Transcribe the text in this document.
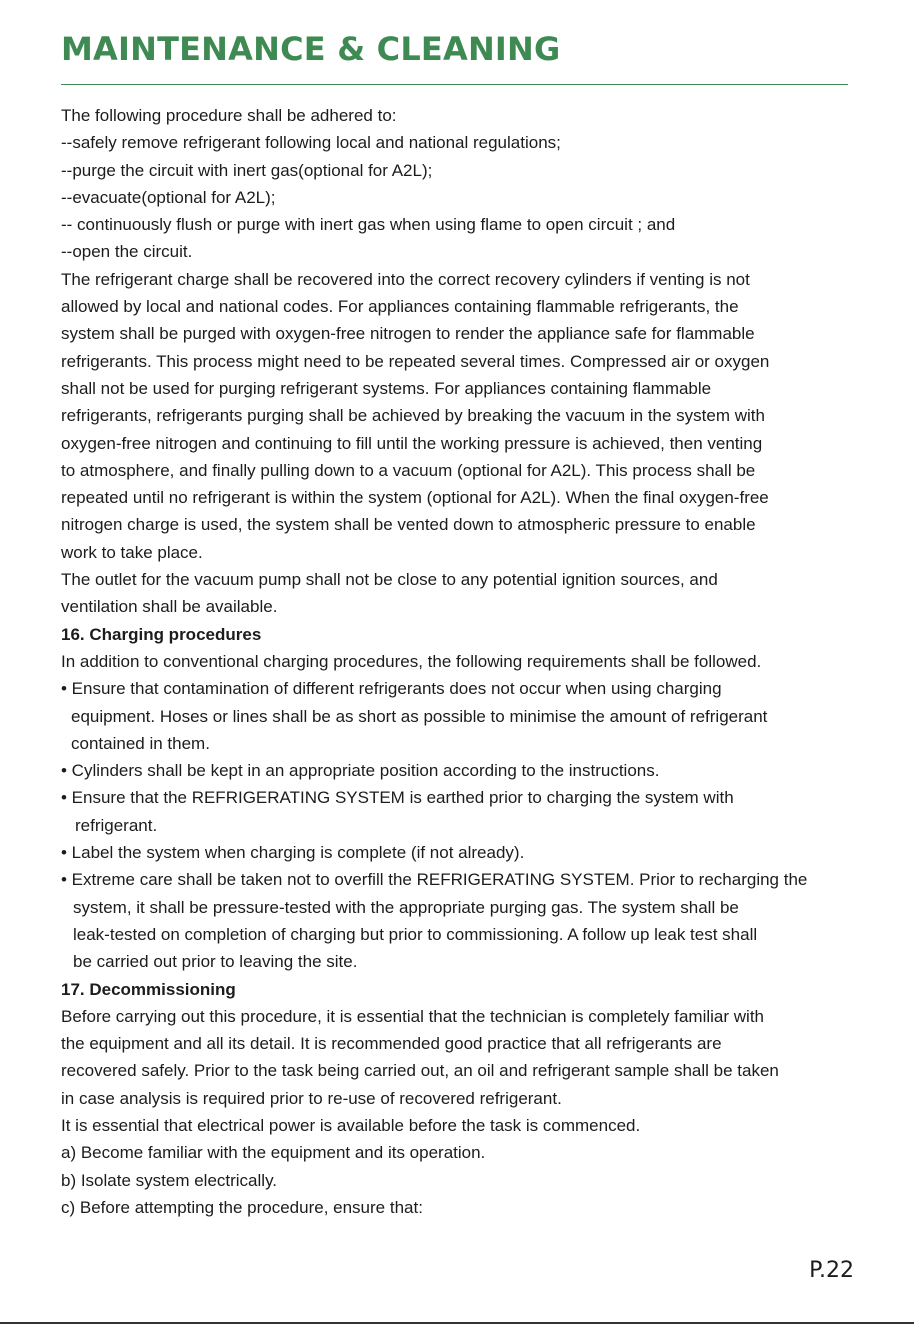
MAINTENANCE & CLEANING

The following procedure shall be adhered to:

--safely remove refrigerant following local and national regulations;

--purge the circuit with inert gas(optional for A2L);

--evacuate(optional for A2L);

-- continuously flush or purge with inert gas when using flame to open circuit ; and

--open the circuit.

The refrigerant charge shall be recovered into the correct recovery cylinders if venting is not

allowed by local and national codes. For appliances containing flammable refrigerants, the

system shall be purged with oxygen-free nitrogen to render the appliance safe for flammable

refrigerants. This process might need to be repeated several times. Compressed air or oxygen

shall not be used for purging refrigerant systems. For appliances containing flammable

refrigerants, refrigerants purging shall be achieved by breaking the vacuum in the system with

oxygen-free nitrogen and continuing to fill until the working pressure is achieved, then venting

to atmosphere, and finally pulling down to a vacuum (optional for A2L). This process shall be

repeated until no refrigerant is within the system (optional for A2L). When the final oxygen-free

nitrogen charge is used, the system shall be vented down to atmospheric pressure to enable

work to take place.

The outlet for the vacuum pump shall not be close to any potential ignition sources, and

ventilation shall be available.

16. Charging procedures

In addition to conventional charging procedures, the following requirements shall be followed.

• Ensure that contamination of different refrigerants does not occur when using charging
equipment. Hoses or lines shall be as short as possible to minimise the amount of refrigerant
contained in them.
• Cylinders shall be kept in an appropriate position according to the instructions.
• Ensure that the REFRIGERATING SYSTEM is earthed prior to charging the system with
refrigerant.
• Label the system when charging is complete (if not already).
• Extreme care shall be taken not to overfill the REFRIGERATING SYSTEM. Prior to recharging the
system, it shall be pressure-tested with the appropriate purging gas. The system shall be
leak-tested on completion of charging but prior to commissioning. A follow up leak test shall
be carried out prior to leaving the site.

17. Decommissioning

Before carrying out this procedure, it is essential that the technician is completely familiar with

the equipment and all its detail. It is recommended good practice that all refrigerants are

recovered safely. Prior to the task being carried out, an oil and refrigerant sample shall be taken

in case analysis is required prior to re-use of recovered refrigerant.

It is essential that electrical power is available before the task is commenced.

a) Become familiar with the equipment and its operation.

b) Isolate system electrically.

c) Before attempting the procedure, ensure that:

P.22
